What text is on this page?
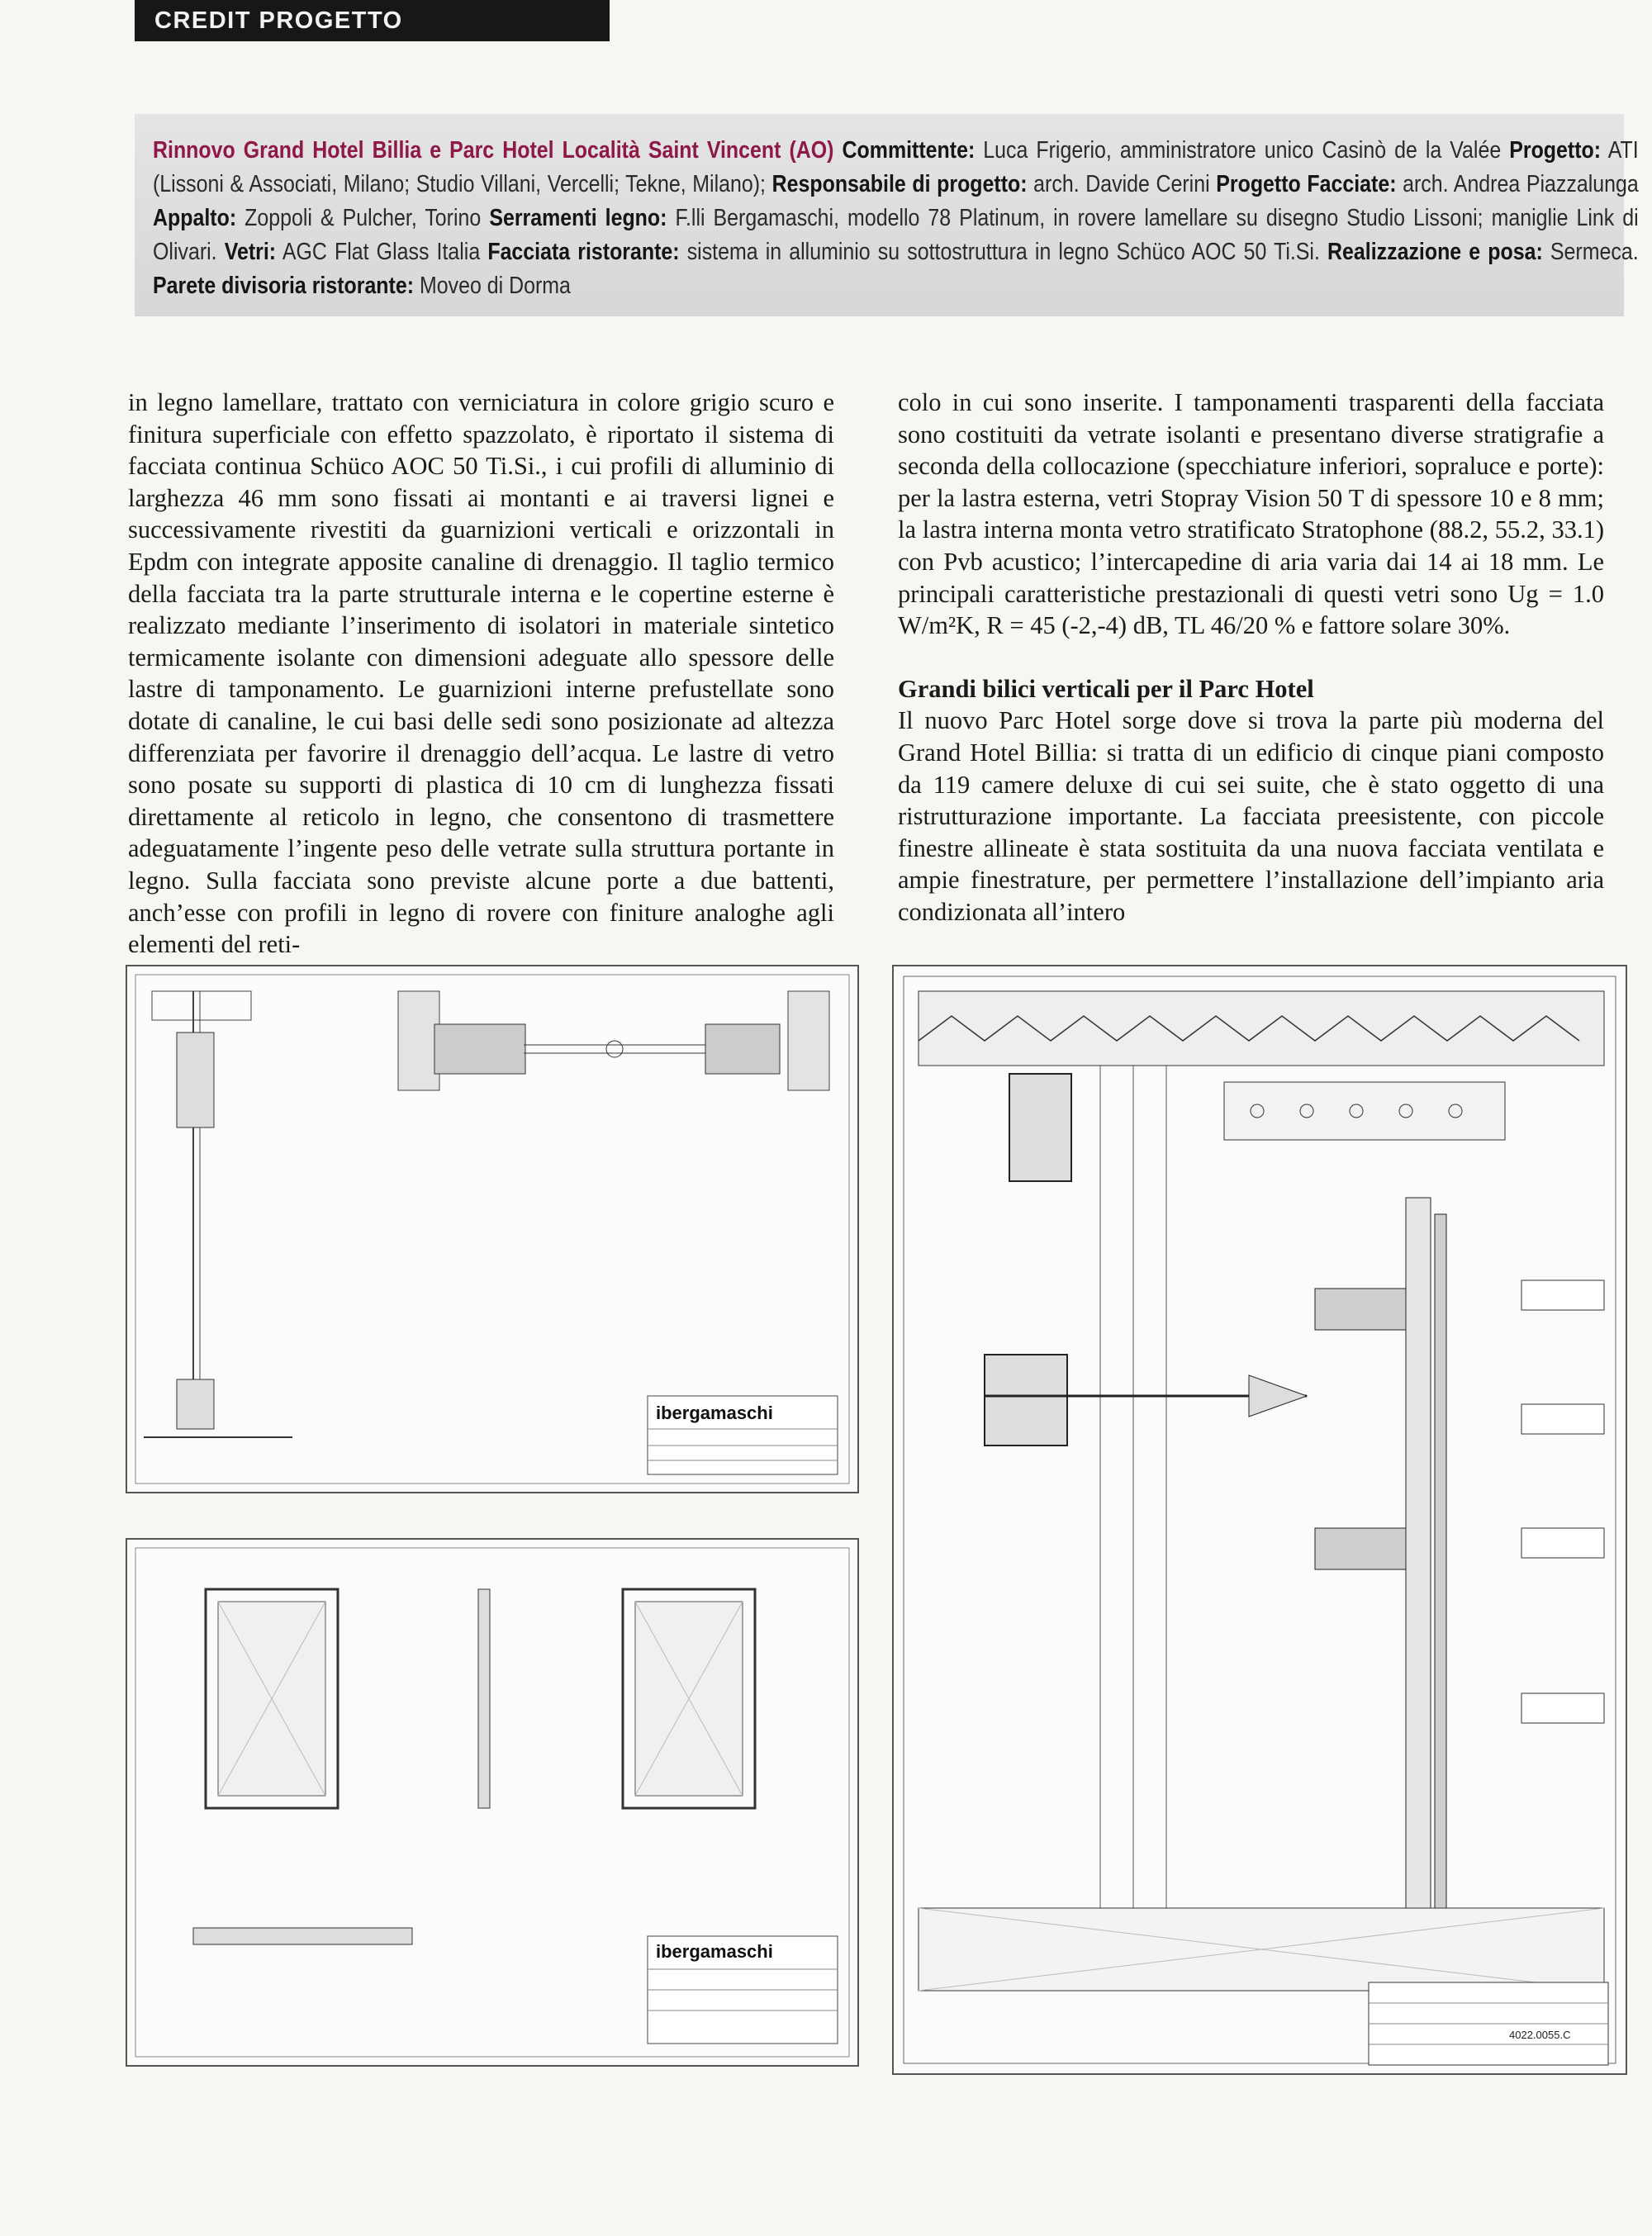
CREDIT PROGETTO

Rinnovo Grand Hotel Billia e Parc Hotel Località Saint Vincent (AO) Committente: Luca Frigerio, amministratore unico Casinò de la Valée Progetto: ATI (Lissoni & Associati, Milano; Studio Villani, Vercelli; Tekne, Milano); Responsabile di progetto: arch. Davide Cerini Progetto Facciate: arch. Andrea Piazzalunga Appalto: Zoppoli & Pulcher, Torino Serramenti legno: F.lli Bergamaschi, modello 78 Platinum, in rovere lamellare su disegno Studio Lissoni; maniglie Link di Olivari. Vetri: AGC Flat Glass Italia Facciata ristorante: sistema in alluminio su sottostruttura in legno Schüco AOC 50 Ti.Si. Realizzazione e posa: Sermeca. Parete divisoria ristorante: Moveo di Dorma

in legno lamellare, trattato con verniciatura in colore grigio scuro e finitura superficiale con effetto spazzolato, è riportato il sistema di facciata continua Schüco AOC 50 Ti.Si., i cui profili di alluminio di larghezza 46 mm sono fissati ai montanti e ai traversi lignei e successivamente rivestiti da guarnizioni verticali e orizzontali in Epdm con integrate apposite canaline di drenaggio. Il taglio termico della facciata tra la parte strutturale interna e le copertine esterne è realizzato mediante l’inserimento di isolatori in materiale sintetico termicamente isolante con dimensioni adeguate allo spessore delle lastre di tamponamento. Le guarnizioni interne prefustellate sono dotate di canaline, le cui basi delle sedi sono posizionate ad altezza differenziata per favorire il drenaggio dell’acqua. Le lastre di vetro sono posate su supporti di plastica di 10 cm di lunghezza fissati direttamente al reticolo in legno, che consentono di trasmettere adeguatamente l’ingente peso delle vetrate sulla struttura portante in legno. Sulla facciata sono previste alcune porte a due battenti, anch’esse con profili in legno di rovere con finiture analoghe agli elementi del reti-

colo in cui sono inserite. I tamponamenti trasparenti della facciata sono costituiti da vetrate isolanti e presentano diverse stratigrafie a seconda della collocazione (specchiature inferiori, sopraluce e porte): per la lastra esterna, vetri Stopray Vision 50 T di spessore 10 e 8 mm; la lastra interna monta vetro stratificato Stratophone (88.2, 55.2, 33.1) con Pvb acustico; l’intercapedine di aria varia dai 14 ai 18 mm. Le principali caratteristiche prestazionali di questi vetri sono Ug = 1.0 W/m²K, R = 45 (-2,-4) dB, TL 46/20 % e fattore solare 30%.

Grandi bilici verticali per il Parc Hotel

Il nuovo Parc Hotel sorge dove si trova la parte più moderna del Grand Hotel Billia: si tratta di un edificio di cinque piani composto da 119 camere deluxe di cui sei suite, che è stato oggetto di una ristrutturazione importante. La facciata preesistente, con piccole finestre allineate è stata sostituita da una nuova facciata ventilata e ampie finestrature, per permettere l’installazione dell’impianto aria condizionata all’intero

ibergamaschi
ibergamaschi
4022.0055.C
